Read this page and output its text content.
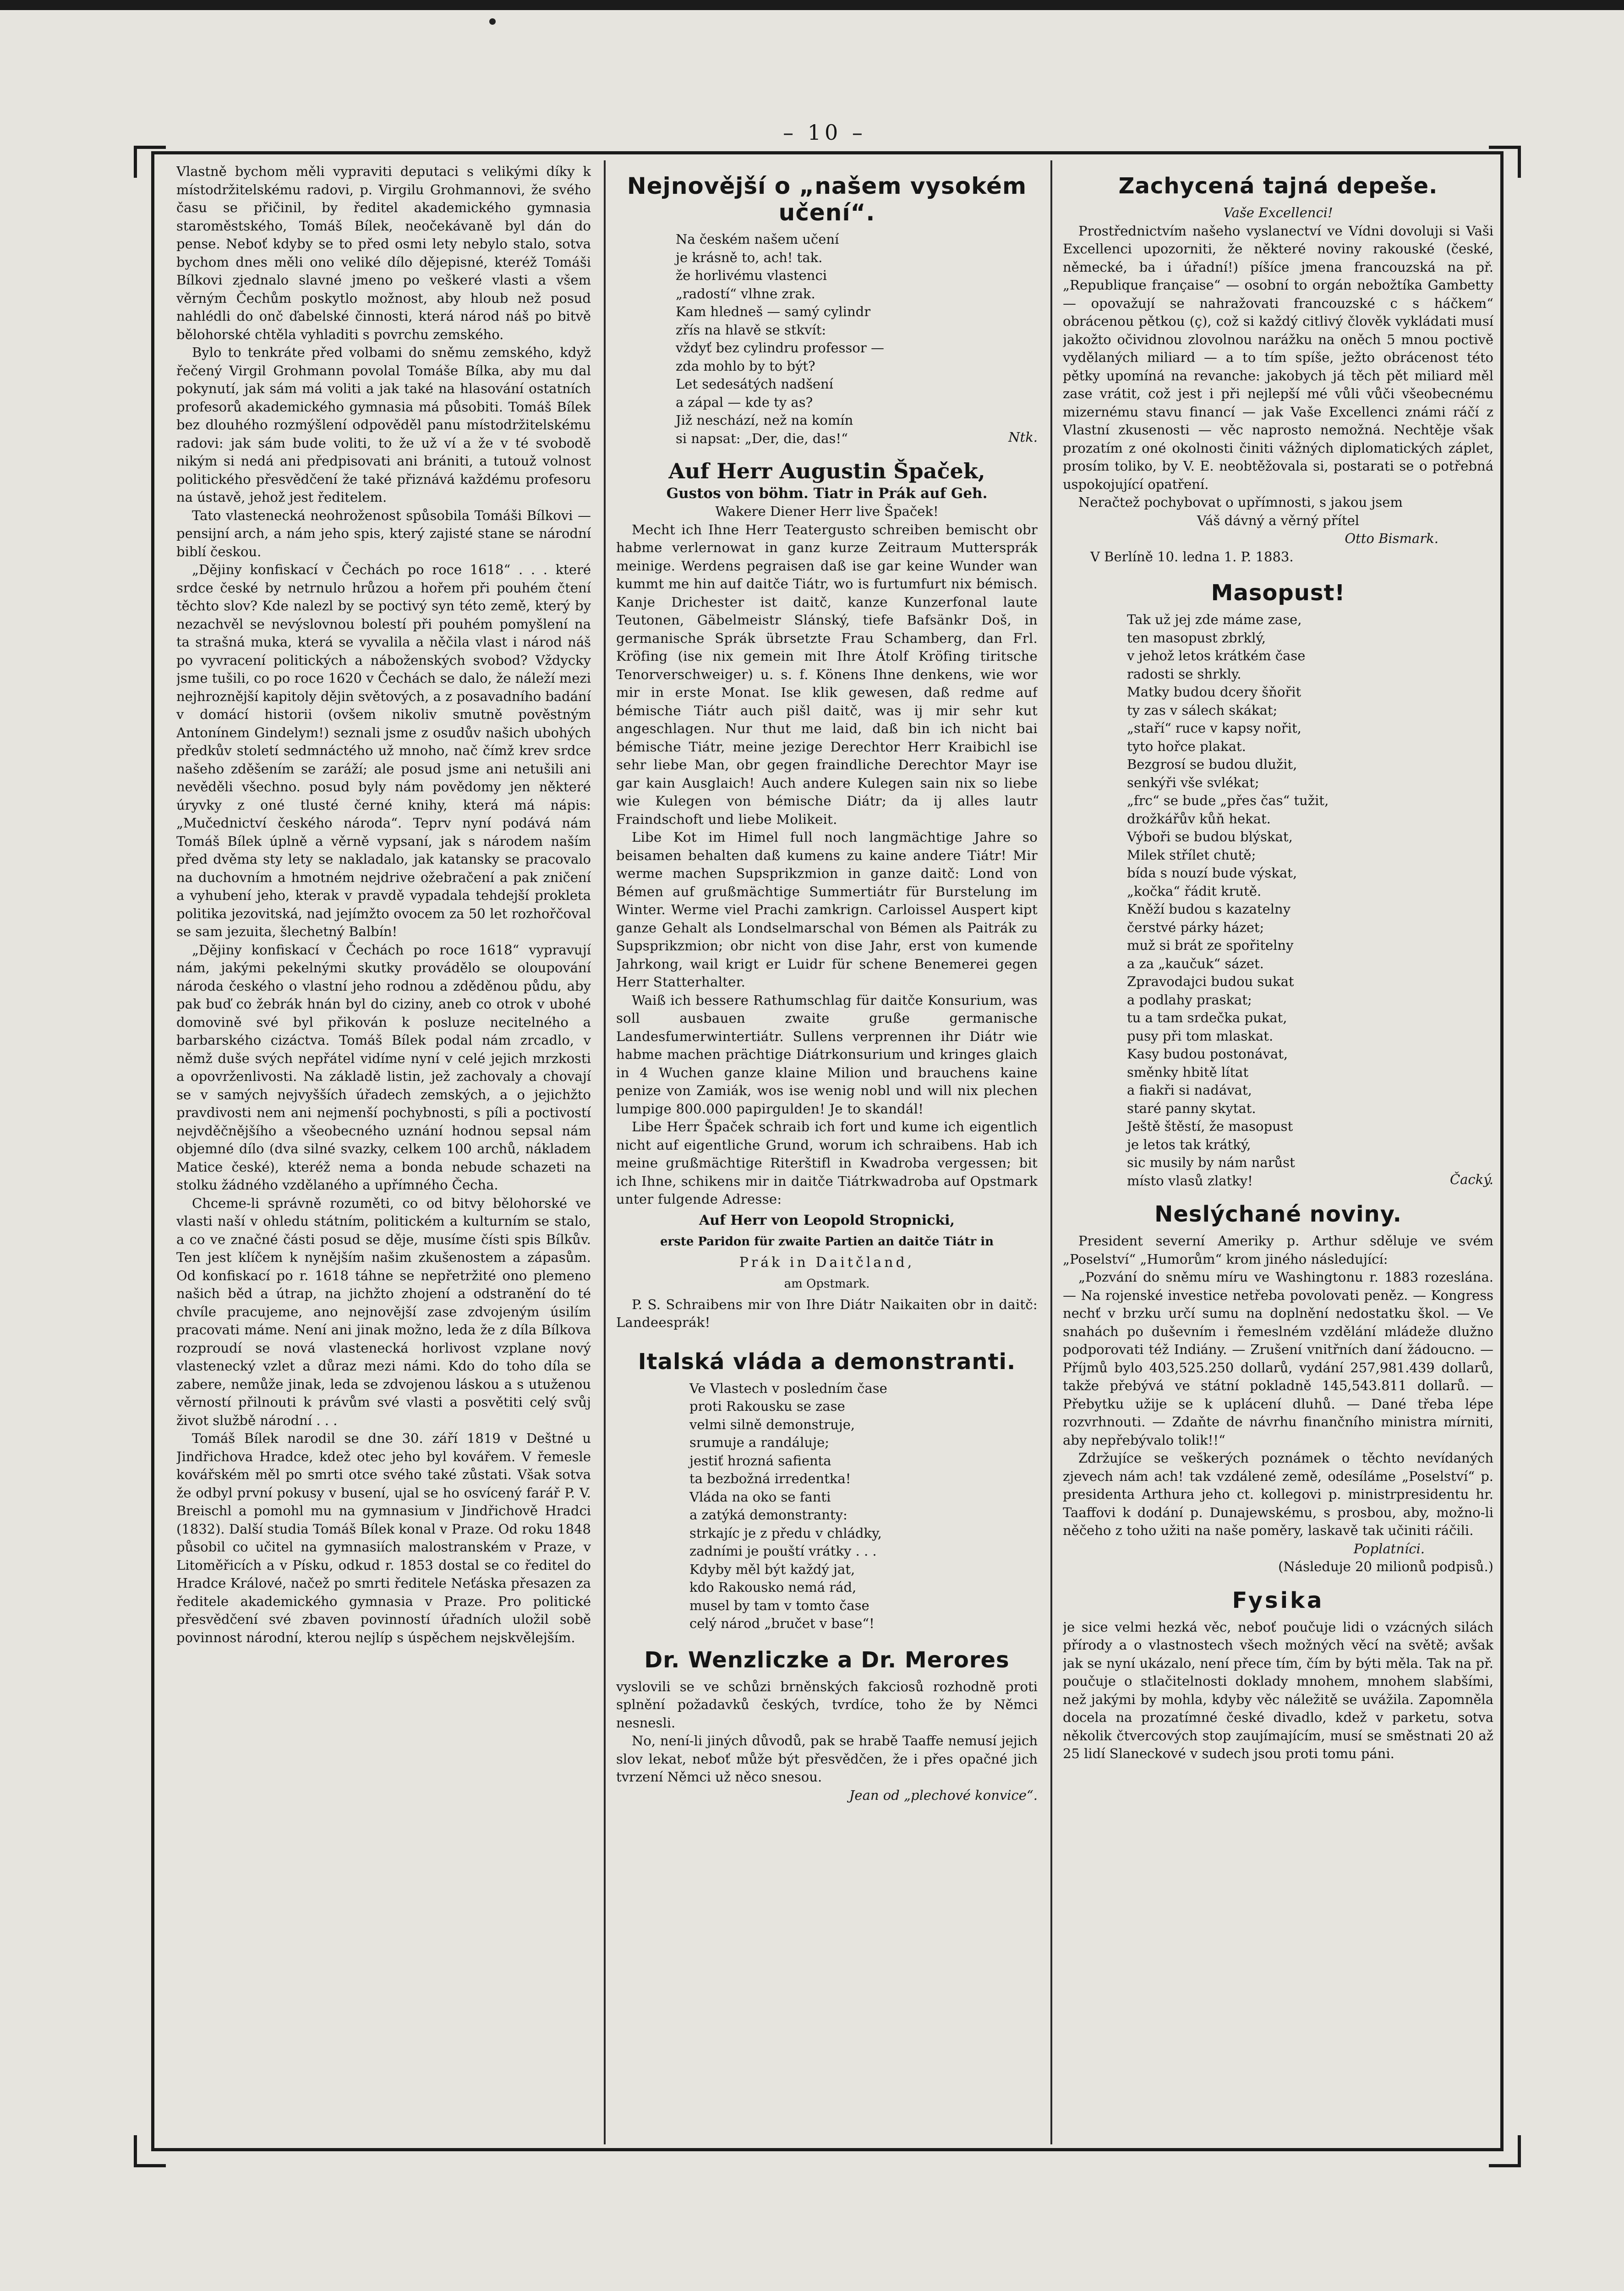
– 10 –

Vlastně bychom měli vypraviti deputaci s velikými díky k místodržitelskému radovi, p. Virgilu Grohmannovi, že svého času se přičinil, by ředitel akademického gymnasia staroměstského, Tomáš Bílek, neočekávaně byl dán do pense. Neboť kdyby se to před osmi lety nebylo stalo, sotva bychom dnes měli ono veliké dílo dějepisné, kteréž Tomáši Bílkovi zjednalo slavné jmeno po veškeré vlasti a všem věrným Čechům poskytlo možnost, aby hloub než posud nahlédli do onč ďabelské činnosti, která národ náš po bitvě bělohorské chtěla vyhladiti s povrchu zemského.

Bylo to tenkráte před volbami do sněmu zemského, když řečený Virgil Grohmann povolal Tomáše Bílka, aby mu dal pokynutí, jak sám má voliti a jak také na hlasování ostatních profesorů akademického gymnasia má působiti. Tomáš Bílek bez dlouhého rozmýšlení odpověděl panu místodržitelskému radovi: jak sám bude voliti, to že už ví a že v té svobodě nikým si nedá ani předpisovati ani brániti, a tutouž volnost politického přesvědčení že také přiznává každému profesoru na ústavě, jehož jest ředitelem.

Tato vlastenecká neohroženost spůsobila Tomáši Bílkovi — pensijní arch, a nám jeho spis, který zajisté stane se národní biblí českou.

„Dějiny konfiskací v Čechách po roce 1618“ . . . které srdce české by netrnulo hrůzou a hořem při pouhém čtení těchto slov? Kde nalezl by se poctivý syn této země, který by nezachvěl se nevýslovnou bolestí při pouhém pomyšlení na ta strašná muka, která se vyvalila a něčila vlast i národ náš po vyvracení politických a náboženských svobod? Vždycky jsme tušili, co po roce 1620 v Čechách se dalo, že náleží mezi nejhroznější kapitoly dějin světových, a z posavadního badání v domácí historii (ovšem nikoliv smutně pověstným Antonínem Gindelym!) seznali jsme z osudův našich ubohých předkův století sedmnáctého už mnoho, nač čímž krev srdce našeho zděšením se zaráží; ale posud jsme ani netušili ani nevěděli všechno. posud byly nám povědomy jen některé úryvky z oné tlusté černé knihy, která má nápis: „Mučednictví českého národa“. Teprv nyní podává nám Tomáš Bílek úplně a věrně vypsaní, jak s národem naším před dvěma sty lety se nakladalo, jak katansky se pracovalo na duchovním a hmotném nejdrive ožebračení a pak zničení a vyhubení jeho, kterak v pravdě vypadala tehdejší prokleta politika jezovitská, nad jejímžto ovocem za 50 let rozhořčoval se sam jezuita, šlechetný Balbín!

„Dějiny konfiskací v Čechách po roce 1618“ vypravují nám, jakými pekelnými skutky provádělo se oloupování národa českého o vlastní jeho rodnou a zděděnou půdu, aby pak buď co žebrák hnán byl do ciziny, aneb co otrok v ubohé domovině své byl přikován k posluze necitelného a barbarského cizáctva. Tomáš Bílek podal nám zrcadlo, v němž duše svých nepřátel vidíme nyní v celé jejich mrzkosti a opovrženlivosti. Na základě listin, jež zachovaly a chovají se v samých nejvyšších úřadech zemských, a o jejichžto pravdivosti nem ani nejmenší pochybnosti, s píli a poctivostí nejvděčnějšího a všeobecného uznání hodnou sepsal nám objemné dílo (dva silné svazky, celkem 100 archů, nákladem Matice české), kteréž nema a bonda nebude schazeti na stolku žádného vzdělaného a upřímného Čecha.

Chceme-li správně rozuměti, co od bitvy bělohorské ve vlasti naší v ohledu státním, politickém a kulturním se stalo, a co ve značné části posud se děje, musíme čísti spis Bílkův. Ten jest klíčem k nynějším našim zkušenostem a zápasům. Od konfiskací po r. 1618 táhne se nepřetržité ono plemeno našich běd a útrap, na jichžto zhojení a odstranění do té chvíle pracujeme, ano nejnovější zase zdvojeným úsilím pracovati máme. Není ani jinak možno, leda že z díla Bílkova rozproudí se nová vlastenecká horlivost vzplane nový vlastenecký vzlet a důraz mezi námi. Kdo do toho díla se zabere, nemůže jinak, leda se zdvojenou láskou a s utuženou věrností přilnouti k právům své vlasti a posvětiti celý svůj život službě národní . . .

Tomáš Bílek narodil se dne 30. září 1819 v Deštné u Jindřichova Hradce, kdež otec jeho byl kovářem. V řemesle kovářském měl po smrti otce svého také zůstati. Však sotva že odbyl první pokusy v busení, ujal se ho osvícený farář P. V. Breischl a pomohl mu na gymnasium v Jindřichově Hradci (1832). Další studia Tomáš Bílek konal v Praze. Od roku 1848 působil co učitel na gymnasiích malostranském v Praze, v Litoměřicích a v Písku, odkud r. 1853 dostal se co ředitel do Hradce Králové, načež po smrti ředitele Neťáska přesazen za ředitele akademického gymnasia v Praze. Pro politické přesvědčení své zbaven povinností úřadních uložil sobě povinnost národní, kterou nejlíp s úspěchem nejskvělejším.

Nejnovější o „našem vysokém učení“.
Na českém našem učení
je krásně to, ach! tak.
že horlivému vlastenci
„radostí“ vlhne zrak.
Kam hledneš — samý cylindr
zřís na hlavě se stkvít:
vždyť bez cylindru professor —
zda mohlo by to být?
Let sedesátých nadšení
a zápal — kde ty as?
Již neschází, než na komín
si napsat: „Der, die, das!“	Ntk.
Auf Herr Augustin Špaček,
Gustos von böhm. Tiatr in Prák auf Geh.
Wakere Diener Herr live Špaček!

Mecht ich Ihne Herr Teatergusto schreiben bemischt obr habme verlernowat in ganz kurze Zeitraum Muttersprák meinige. Werdens pegraisen daß ise gar keine Wunder wan kummt me hin auf daitče Tiátr, wo is furtumfurt nix bémisch. Kanje Drichester ist daitč, kanze Kunzerfonal laute Teutonen, Gäbelmeistr Slánský, tiefe Bafsänkr Doš, in germanische Sprák übrsetzte Frau Schamberg, dan Frl. Kröfing (ise nix gemein mit Ihre Átolf Kröfing tiritsche Tenorverschweiger) u. s. f. Könens Ihne denkens, wie wor mir in erste Monat. Ise klik gewesen, daß redme auf bémische Tiátr auch pišl daitč, was ij mir sehr kut angeschlagen. Nur thut me laid, daß bin ich nicht bai bémische Tiátr, meine jezige Derechtor Herr Kraibichl ise sehr liebe Man, obr gegen fraindliche Derechtor Mayr ise gar kain Ausglaich! Auch andere Kulegen sain nix so liebe wie Kulegen von bémische Diátr; da ij alles lautr Fraindschoft und liebe Molikeit.

Libe Kot im Himel full noch langmächtige Jahre so beisamen behalten daß kumens zu kaine andere Tiátr! Mir werme machen Supsprikzmion in ganze daitč: Lond von Bémen auf grußmächtige Summertiátr für Burstelung im Winter. Werme viel Prachi zamkrign. Carloissel Auspert kipt ganze Gehalt als Londselmarschal von Bémen als Paitrák zu Supsprikzmion; obr nicht von dise Jahr, erst von kumende Jahrkong, wail krigt er Luidr für schene Benemerei gegen Herr Statterhalter.

Waiß ich bessere Rathumschlag für daitče Konsurium, was soll ausbauen zwaite gruße germanische Landesfumerwintertiátr. Sullens verprennen ihr Diátr wie habme machen prächtige Diátrkonsurium und kringes glaich in 4 Wuchen ganze klaine Milion und brauchens kaine penize von Zamiák, wos ise wenig nobl und will nix plechen lumpige 800.000 papirgulden! Je to skandál!

Libe Herr Špaček schraib ich fort und kume ich eigentlich nicht auf eigentliche Grund, worum ich schraibens. Hab ich meine grußmächtige Riterštifl in Kwadroba vergessen; bit ich Ihne, schikens mir in daitče Tiátrkwadroba auf Opstmark unter fulgende Adresse:

Auf Herr von Leopold Stropnicki,
erste Paridon für zwaite Partien an daitče Tiátr in
Prák in Daitčland,
am Opstmark.

P. S. Schraibens mir von Ihre Diátr Naikaiten obr in daitč: Landeesprák!

Italská vláda a demonstranti.
Ve Vlastech v posledním čase
proti Rakousku se zase
velmi silně demonstruje,
srumuje a randáluje;
jestiť hrozná safienta
ta bezbožná irredentka!
Vláda na oko se fanti
a zatýká demonstranty:
strkajíc je z předu v chládky,
zadními je pouští vrátky . . .
Kdyby měl být každý jat,
kdo Rakousko nemá rád,
musel by tam v tomto čase
celý národ „bručet v base“!
Dr. Wenzliczke a Dr. Merores

vyslovili se ve schůzi brněnských fakciosů rozhodně proti splnění požadavků českých, tvrdíce, toho že by Němci nesnesli.

No, není-li jiných důvodů, pak se hrabě Taaffe nemusí jejich slov lekat, neboť může být přesvědčen, že i přes opačné jich tvrzení Němci už něco snesou.

Jean od „plechové konvice“.
Zachycená tajná depeše.
Vaše Excellenci!

Prostřednictvím našeho vyslanectví ve Vídni dovoluji si Vaši Excellenci upozorniti, že některé noviny rakouské (české, německé, ba i úřadní!) píšíce jmena francouzská na př. „Republique française“ — osobní to orgán nebožtíka Gambetty — opovažují se nahražovati francouzské c s háčkem“ obrácenou pětkou (ç), což si každý citlivý člověk vykládati musí jakožto očividnou zlovolnou narážku na oněch 5 mnou poctivě vydělaných miliard — a to tím spíše, ježto obrácenost této pětky upomíná na revanche: jakobych já těch pět miliard měl zase vrátit, což jest i při nejlepší mé vůli vůči všeobecnému mizernému stavu financí — jak Vaše Excellenci známi ráčí z Vlastní zkusenosti — věc naprosto nemožná. Nechtěje však prozatím z oné okolnosti činiti vážných diplomatických záplet, prosím toliko, by V. E. neobtěžovala si, postarati se o potřebná uspokojující opatření.

Neračtež pochybovat o upřímnosti, s jakou jsem

Váš dávný a věrný přítel
Otto Bismark.
V Berlíně 10. ledna 1. P. 1883.
Masopust!
Tak už jej zde máme zase,
ten masopust zbrklý,
v jehož letos krátkém čase
radosti se shrkly.
Matky budou dcery šňořit
ty zas v sálech skákat;
„staří“ ruce v kapsy nořit,
tyto hořce plakat.
Bezgrosí se budou dlužit,
senkýři vše svlékat;
„frc“ se bude „přes čas“ tužit,
drožkářův kůň hekat.
Výboři se budou blýskat,
Milek střílet chutě;
bída s nouzí bude výskat,
„kočka“ řádit krutě.
Kněží budou s kazatelny
čerstvé párky házet;
muž si brát ze spořitelny
a za „kaučuk“ sázet.
Zpravodajci budou sukat
a podlahy praskat;
tu a tam srdečka pukat,
pusy při tom mlaskat.
Kasy budou postonávat,
směnky hbitě lítat
a fiakři si nadávat,
staré panny skytat.
Ještě štěstí, že masopust
je letos tak krátký,
sic musily by nám narůst
místo vlasů zlatky!	Čacký.
Neslýchané noviny.

President severní Ameriky p. Arthur sděluje ve svém „Poselství“ „Humorům“ krom jiného následující:

„Pozvání do sněmu míru ve Washingtonu r. 1883 rozeslána. — Na rojenské investice netřeba povolovati peněz. — Kongress nechť v brzku určí sumu na doplnění nedostatku škol. — Ve snahách po duševním i řemeslném vzdělání mládeže dlužno podporovati též Indiány. — Zrušení vnitřních daní žádoucno. — Příjmů bylo 403,525.250 dollarů, vydání 257,981.439 dollarů, takže přebývá ve státní pokladně 145,543.811 dollarů. — Přebytku užije se k uplácení dluhů. — Dané třeba lépe rozvrhnouti. — Zdaňte de návrhu finančního ministra mírniti, aby nepřebývalo tolik!!“

Zdržujíce se veškerých poznámek o těchto nevídaných zjevech nám ach! tak vzdálené země, odesíláme „Poselství“ p. presidenta Arthura jeho ct. kollegovi p. ministrpresidentu hr. Taaffovi k dodání p. Dunajewskému, s prosbou, aby, možno-li něčeho z toho užiti na naše poměry, laskavě tak učiniti ráčili.

Poplatníci.
(Následuje 20 milionů podpisů.)
Fysika

je sice velmi hezká věc, neboť poučuje lidi o vzácných silách přírody a o vlastnostech všech možných věcí na světě; avšak jak se nyní ukázalo, není přece tím, čím by býti měla. Tak na př. poučuje o stlačitelnosti doklady mnohem, mnohem slabšími, než jakými by mohla, kdyby věc náležitě se uvážila. Zapomněla docela na prozatímné české divadlo, kdež v parketu, sotva několik čtvercových stop zaujímajícím, musí se směstnati 20 až 25 lidí Slaneckové v sudech jsou proti tomu páni.
